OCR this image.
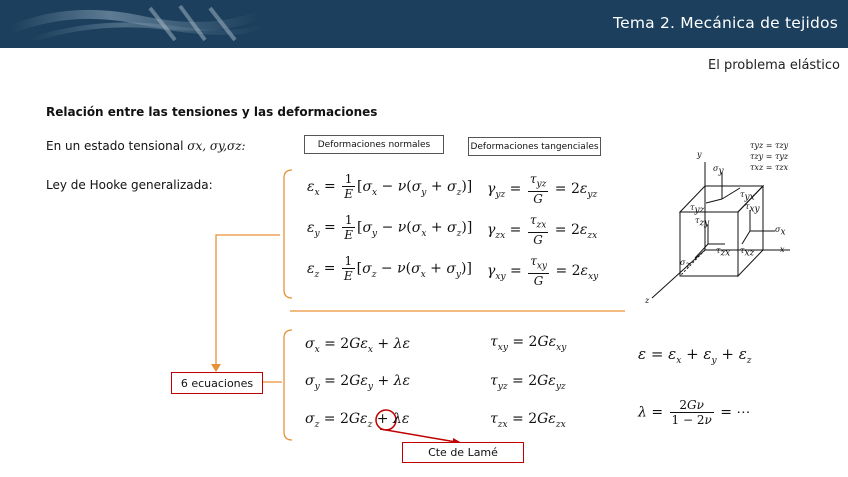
Tema 2. Mecánica de tejidos
El problema elástico
Relación entre las tensiones y las deformaciones
En un estado tensional σx, σy,σz:
Ley de Hooke generalizada:
Deformaciones normales	Deformaciones tangenciales
$\varepsilon_x = \frac{1}{E} [\sigma_x - \nu(\sigma_y + \sigma_z)]$
$\varepsilon_y = \frac{1}{E} [\sigma_y - \nu(\sigma_x + \sigma_z)]$
$\varepsilon_z = \frac{1}{E} [\sigma_z - \nu(\sigma_x + \sigma_y)]$
$\gamma_{yz} = \frac{\tau_{yz}}{G} = 2\varepsilon_{yz}$
$\gamma_{zx} = \frac{\tau_{zx}}{G} = 2\varepsilon_{zx}$
$\gamma_{xy} = \frac{\tau_{xy}}{G} = 2\varepsilon_{xy}$
$\sigma_x = 2G\varepsilon_x + \lambda\varepsilon$
$\sigma_y = 2G\varepsilon_y + \lambda\varepsilon$
$\sigma_z = 2G\varepsilon_z + \lambda\varepsilon$
$\tau_{xy} = 2G\varepsilon_{xy}$
$\tau_{yz} = 2G\varepsilon_{yz}$
$\tau_{zx} = 2G\varepsilon_{zx}$
$\varepsilon = \varepsilon_x + \varepsilon_y + \varepsilon_z$
$\lambda = \frac{2G\nu}{1 - 2\nu}$ = ⋯
6 ecuaciones
Cte de Lamé
τyz = τzy
τzy = τyz
τxz = τzx
y
x
z
$\sigma_y$
$\tau_{yx}$
$\tau_{yz}$	$\tau_{xy}$
$\sigma_x$
$\tau_{zy}$
$\tau_{xz}$
$\tau_{zx}$
$\sigma_z$
